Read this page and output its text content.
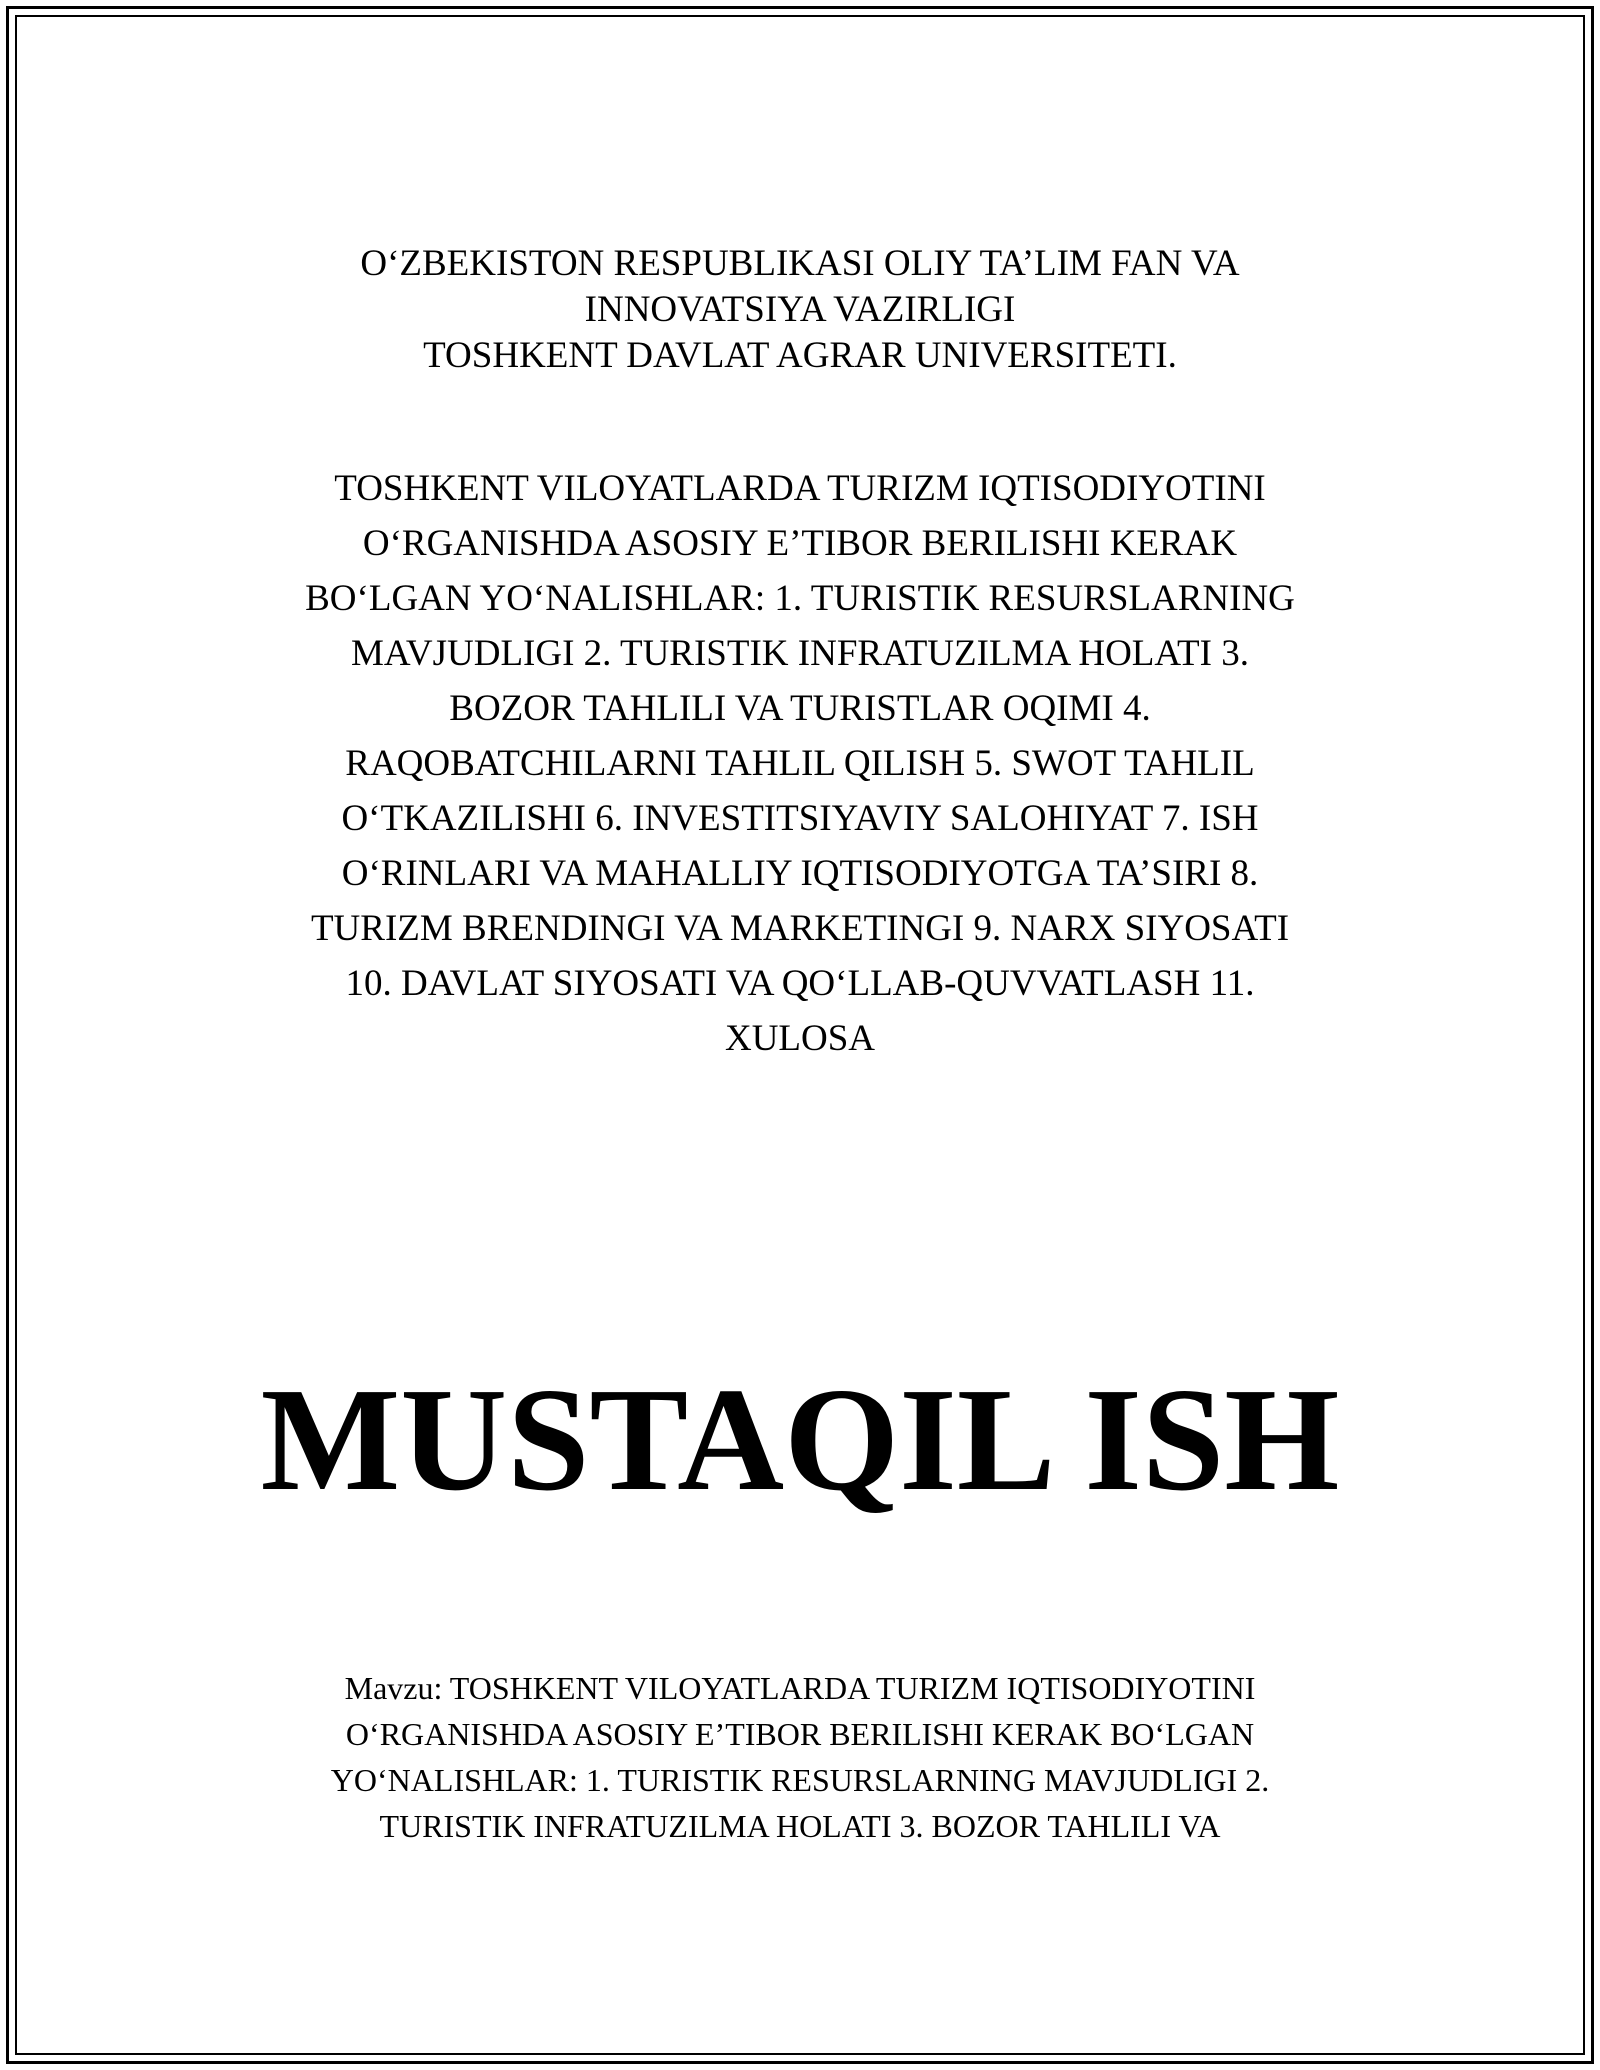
O‘ZBEKISTON RESPUBLIKASI OLIY TA’LIM FAN VA
INNOVATSIYA VAZIRLIGI
TOSHKENT DAVLAT AGRAR UNIVERSITETI.
TOSHKENT VILOYATLARDA TURIZM IQTISODIYOTINI
O‘RGANISHDA ASOSIY E’TIBOR BERILISHI KERAK
BO‘LGAN YO‘NALISHLAR: 1. TURISTIK RESURSLARNING
MAVJUDLIGI 2. TURISTIK INFRATUZILMA HOLATI 3.
BOZOR TAHLILI VA TURISTLAR OQIMI 4.
RAQOBATCHILARNI TAHLIL QILISH 5. SWOT TAHLIL
O‘TKAZILISHI 6. INVESTITSIYAVIY SALOHIYAT 7. ISH
O‘RINLARI VA MAHALLIY IQTISODIYOTGA TA’SIRI 8.
TURIZM BRENDINGI VA MARKETINGI 9. NARX SIYOSATI
10. DAVLAT SIYOSATI VA QO‘LLAB-QUVVATLASH 11.
XULOSA
MUSTAQIL ISH
Mavzu: TOSHKENT VILOYATLARDA TURIZM IQTISODIYOTINI
O‘RGANISHDA ASOSIY E’TIBOR BERILISHI KERAK BO‘LGAN
YO‘NALISHLAR: 1. TURISTIK RESURSLARNING MAVJUDLIGI 2.
TURISTIK INFRATUZILMA HOLATI 3. BOZOR TAHLILI VA
